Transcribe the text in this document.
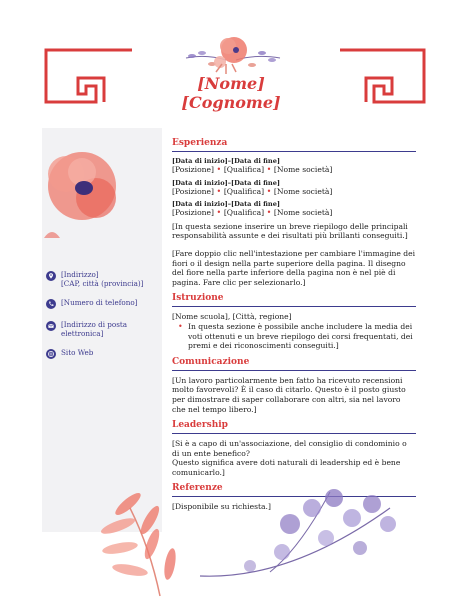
[Nome]
[Cognome]
[Indirizzo]
[CAP, città (provincia)]
[Numero di telefono]
[Indirizzo di posta
elettronica]
Sito Web
Esperienza
[Data di inizio]–[Data di fine]
[Posizione] • [Qualifica] • [Nome società]
[Data di inizio]–[Data di fine]
[Posizione] • [Qualifica] • [Nome società]
[Data di inizio]–[Data di fine]
[Posizione] • [Qualifica] • [Nome società]
[In questa sezione inserire un breve riepilogo delle principali responsabilità assunte e dei risultati più brillanti conseguiti.]
[Fare doppio clic nell'intestazione per cambiare l'immagine dei fiori o il design nella parte superiore della pagina. Il disegno del fiore nella parte inferiore della pagina non è nel piè di pagina. Fare clic per selezionarlo.]
Istruzione
[Nome scuola], [Città, regione]
• In questa sezione è possibile anche includere la media dei voti ottenuti e un breve riepilogo dei corsi frequentati, dei premi e dei riconoscimenti conseguiti.]
Comunicazione
[Un lavoro particolarmente ben fatto ha ricevuto recensioni molto favorevoli? È il caso di citarlo. Questo è il posto giusto per dimostrare di saper collaborare con altri, sia nel lavoro che nel tempo libero.]
Leadership
[Si è a capo di un'associazione, del consiglio di condominio o di un ente benefico?
Questo significa avere doti naturali di leadership ed è bene comunicarlo.]
Referenze
[Disponibile su richiesta.]
